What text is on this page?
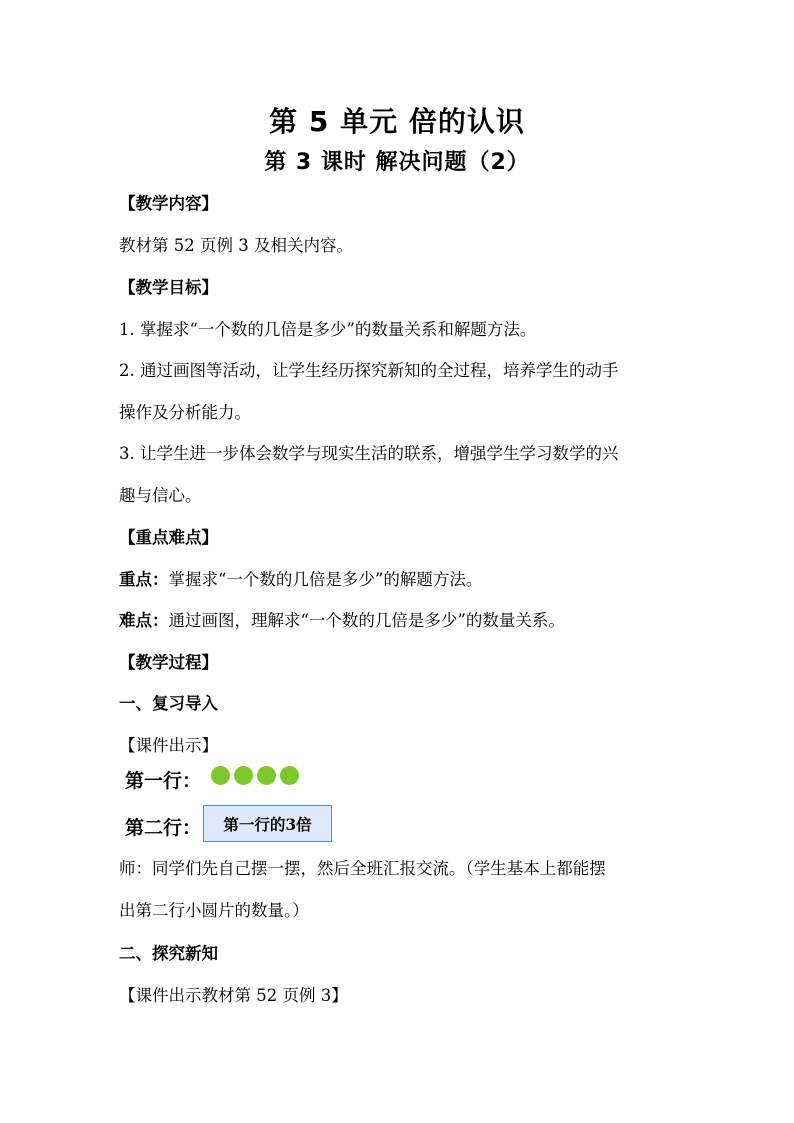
第 5 单元 倍的认识
第 3 课时 解决问题（2）
【教学内容】
教材第 52 页例 3 及相关内容。
【教学目标】
1. 掌握求“一个数的几倍是多少”的数量关系和解题方法。
2. 通过画图等活动，让学生经历探究新知的全过程，培养学生的动手
操作及分析能力。
3. 让学生进一步体会数学与现实生活的联系，增强学生学习数学的兴
趣与信心。
【重点难点】
重点：掌握求“一个数的几倍是多少”的解题方法。
难点：通过画图，理解求“一个数的几倍是多少”的数量关系。
【教学过程】
一、复习导入
【课件出示】
第一行：
第二行：	第一行的3倍
师：同学们先自己摆一摆，然后全班汇报交流。（学生基本上都能摆
出第二行小圆片的数量。）
二、探究新知
【课件出示教材第 52 页例 3】
